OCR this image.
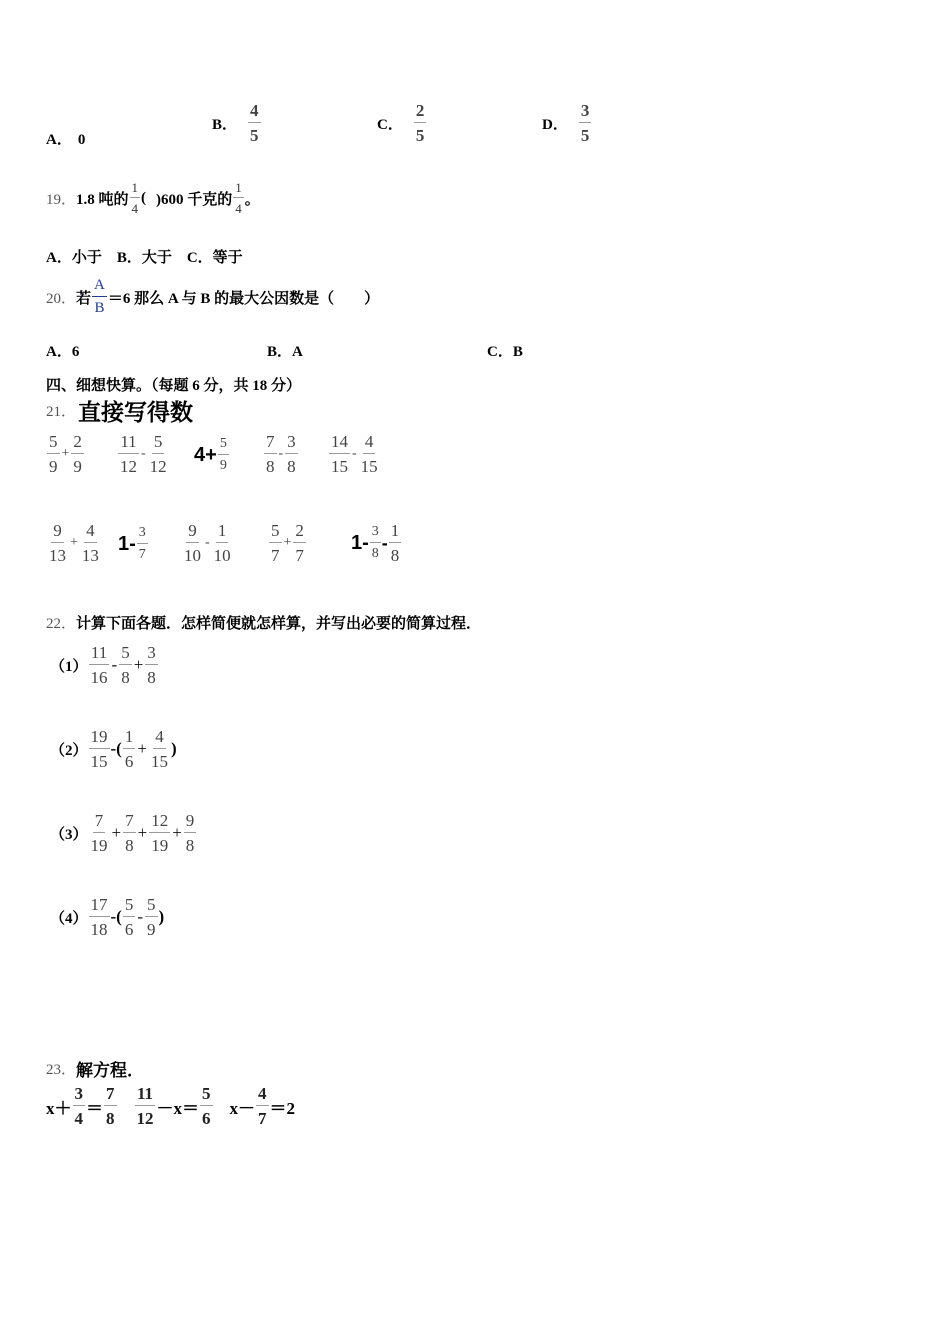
A． 0
B．
4
5
C．
2
5
D．
3
5
19． 1.8 吨的
1
4
( )600 千克的
1
4
。
A．小于　B．大于　C．等于
20． 若
A
B
＝6 那么 A 与 B 的最大公因数是（　　）
A．6	B．A	C．B
四、细想快算。（每题 6 分，共 18 分）
21． 直接写得数
5
9
+ $\frac{2}{9} 11$
12
-
5
12
$4+ \frac{5}{9} 7$
8
-
3
8
14
15
-
4
15
9
13
+ $\frac{4}{13} 1-$ 3
7
9
10
-
1
10
5
7
+ $\frac{2}{7} 1-$ 3
8
-
1
8
22． 计算下面各题．怎样简便就怎样算，并写出必要的简算过程．
（1）
11
16
-
5
8
+ $\frac{3}{8}$
（2）
19
15
-(
1
6
+ $\frac{4}{15}$ )
（3）
7
19
+ $\frac{7}{8} + \frac{12}{19} + \frac{9}{8}$
（4）
17
18
-(
5
6
-
5
9
)
23． 解方程．
x＋
3
4
＝
7
8
11
12
－x＝
5
6
x－
4
7
＝2
